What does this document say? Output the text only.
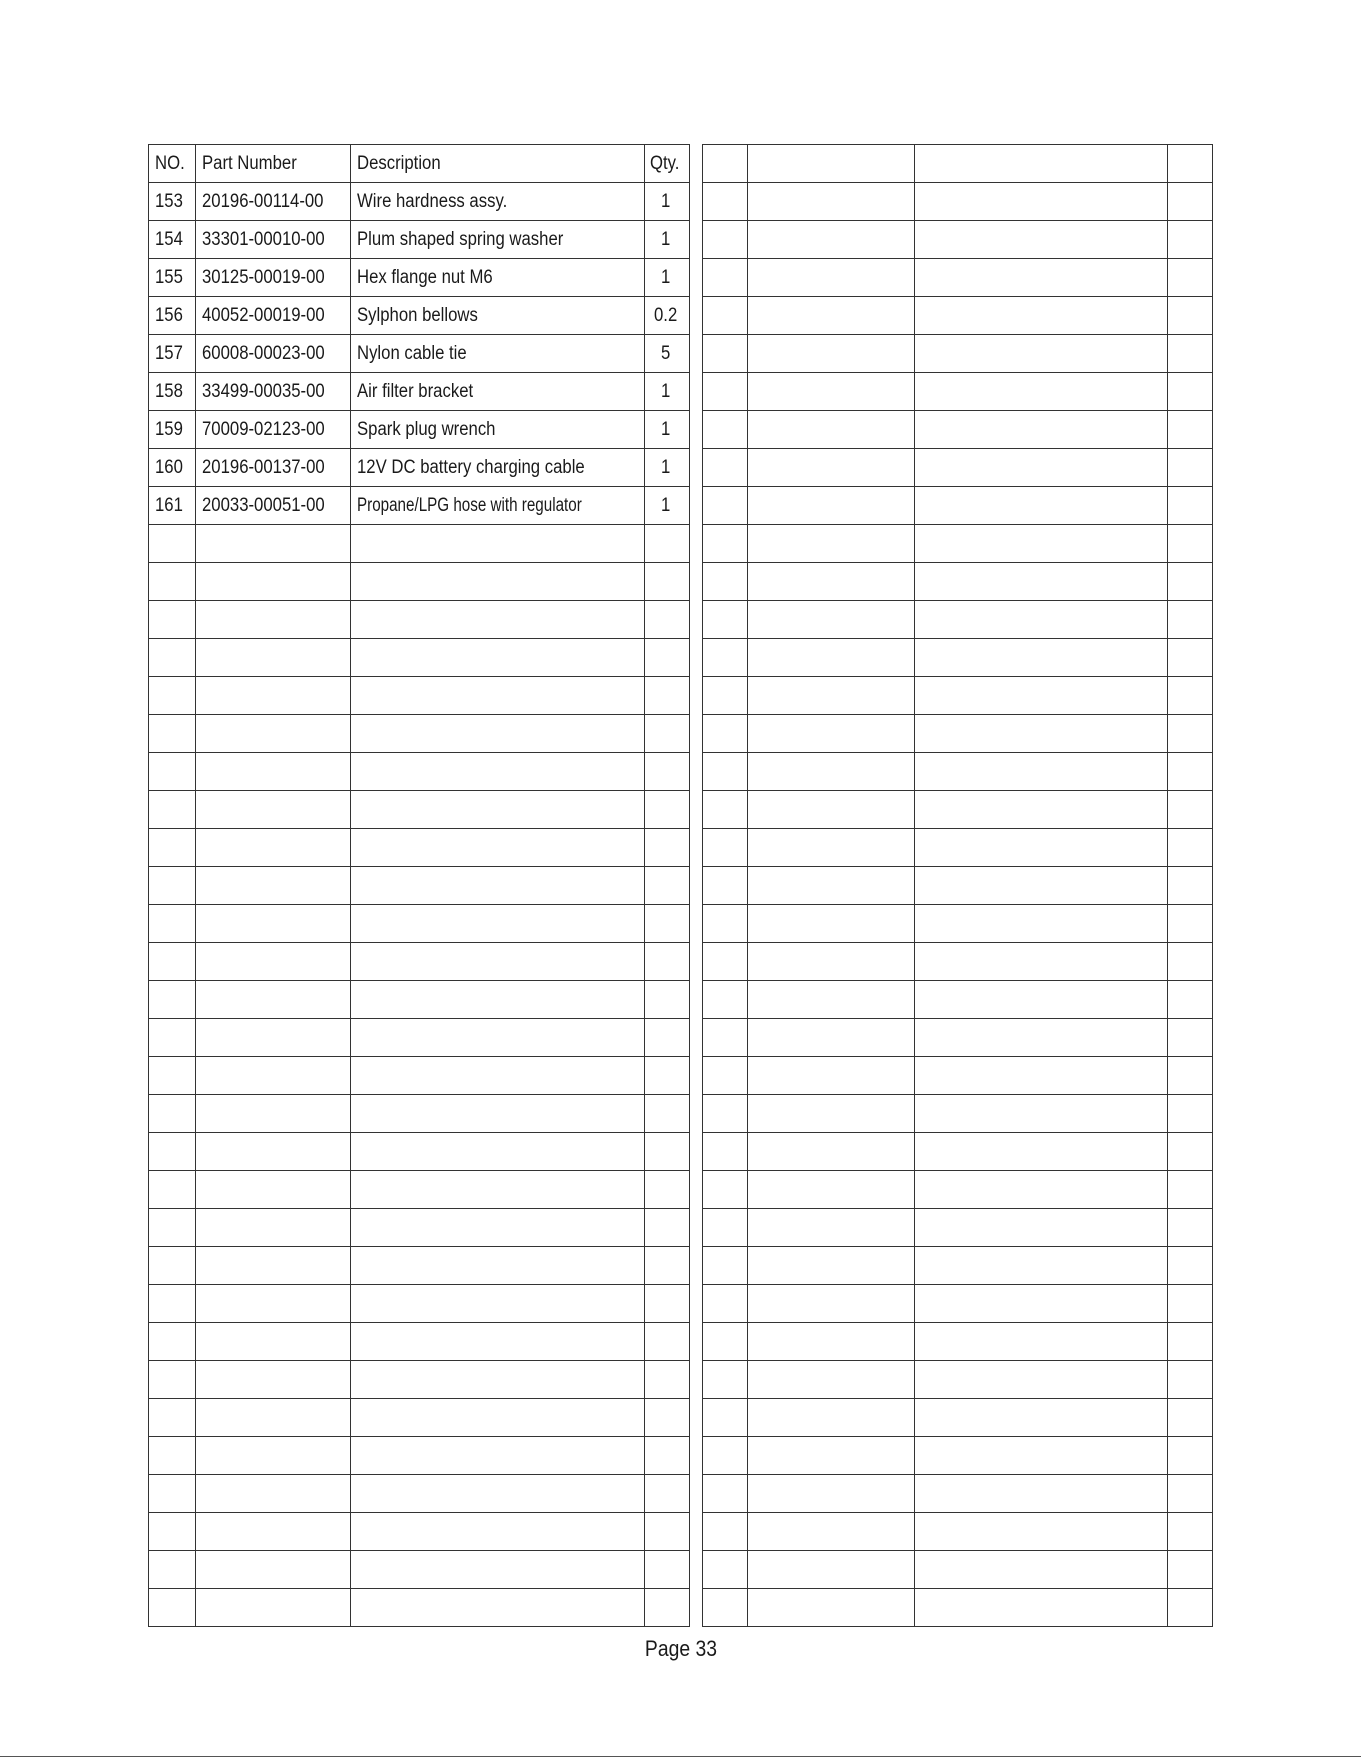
NO.	Part Number	Description	Qty.
153	20196-00114-00	Wire hardness assy.	1
154	33301-00010-00	Plum shaped spring washer	1
155	30125-00019-00	Hex flange nut M6	1
156	40052-00019-00	Sylphon bellows	0.2
157	60008-00023-00	Nylon cable tie	5
158	33499-00035-00	Air filter bracket	1
159	70009-02123-00	Spark plug wrench	1
160	20196-00137-00	12V DC battery charging cable	1
161	20033-00051-00	Propane/LPG hose with regulator	1

Page 33
